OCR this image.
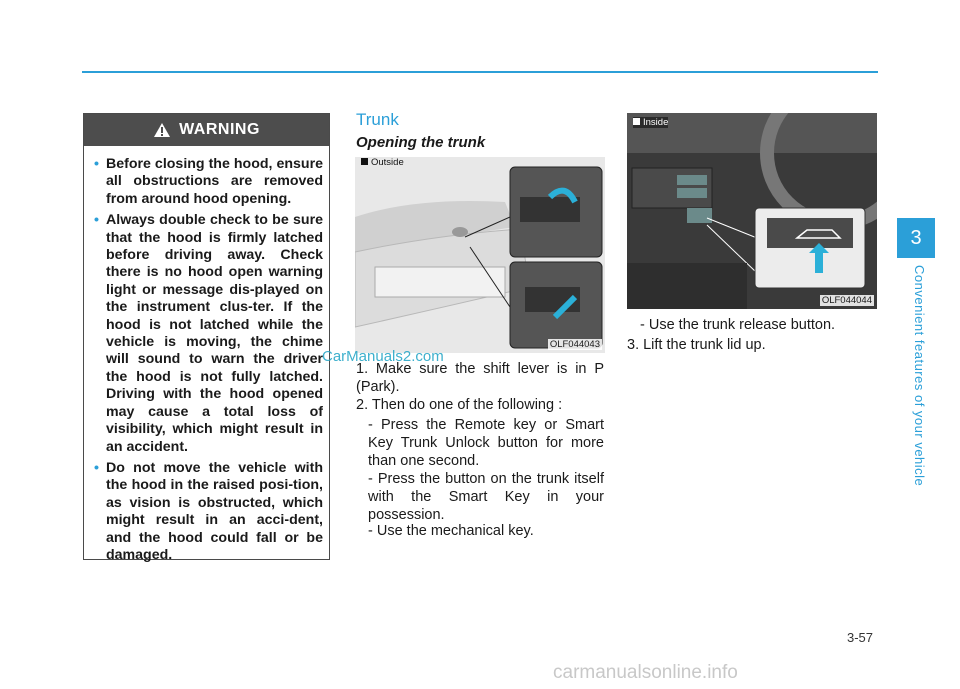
WARNING
• Before closing the hood, ensure all obstructions are removed from around hood opening.
• Always double check to be sure that the hood is firmly latched before driving away. Check there is no hood open warning light or message dis-played on the instrument clus-ter. If the hood is not latched while the vehicle is moving, the chime will sound to warn the driver the hood is not fully latched. Driving with the hood opened may cause a total loss of visibility, which might result in an accident.
• Do not move the vehicle with the hood in the raised posi-tion, as vision is obstructed, which might result in an acci-dent, and the hood could fall or be damaged.
Trunk
Opening the trunk
Outside
OLF044043
Inside
OLF044044
1. Make sure the shift lever is in P (Park).
2. Then do one of the following :
- Press the Remote key or Smart Key Trunk Unlock button for more than one second.
- Press the button on the trunk itself with the Smart Key in your possession.
- Use the mechanical key.
- Use the trunk release button.
3. Lift the trunk lid up.
CarManuals2.com
3
Convenient features of your vehicle
3-57
carmanualsonline.info
